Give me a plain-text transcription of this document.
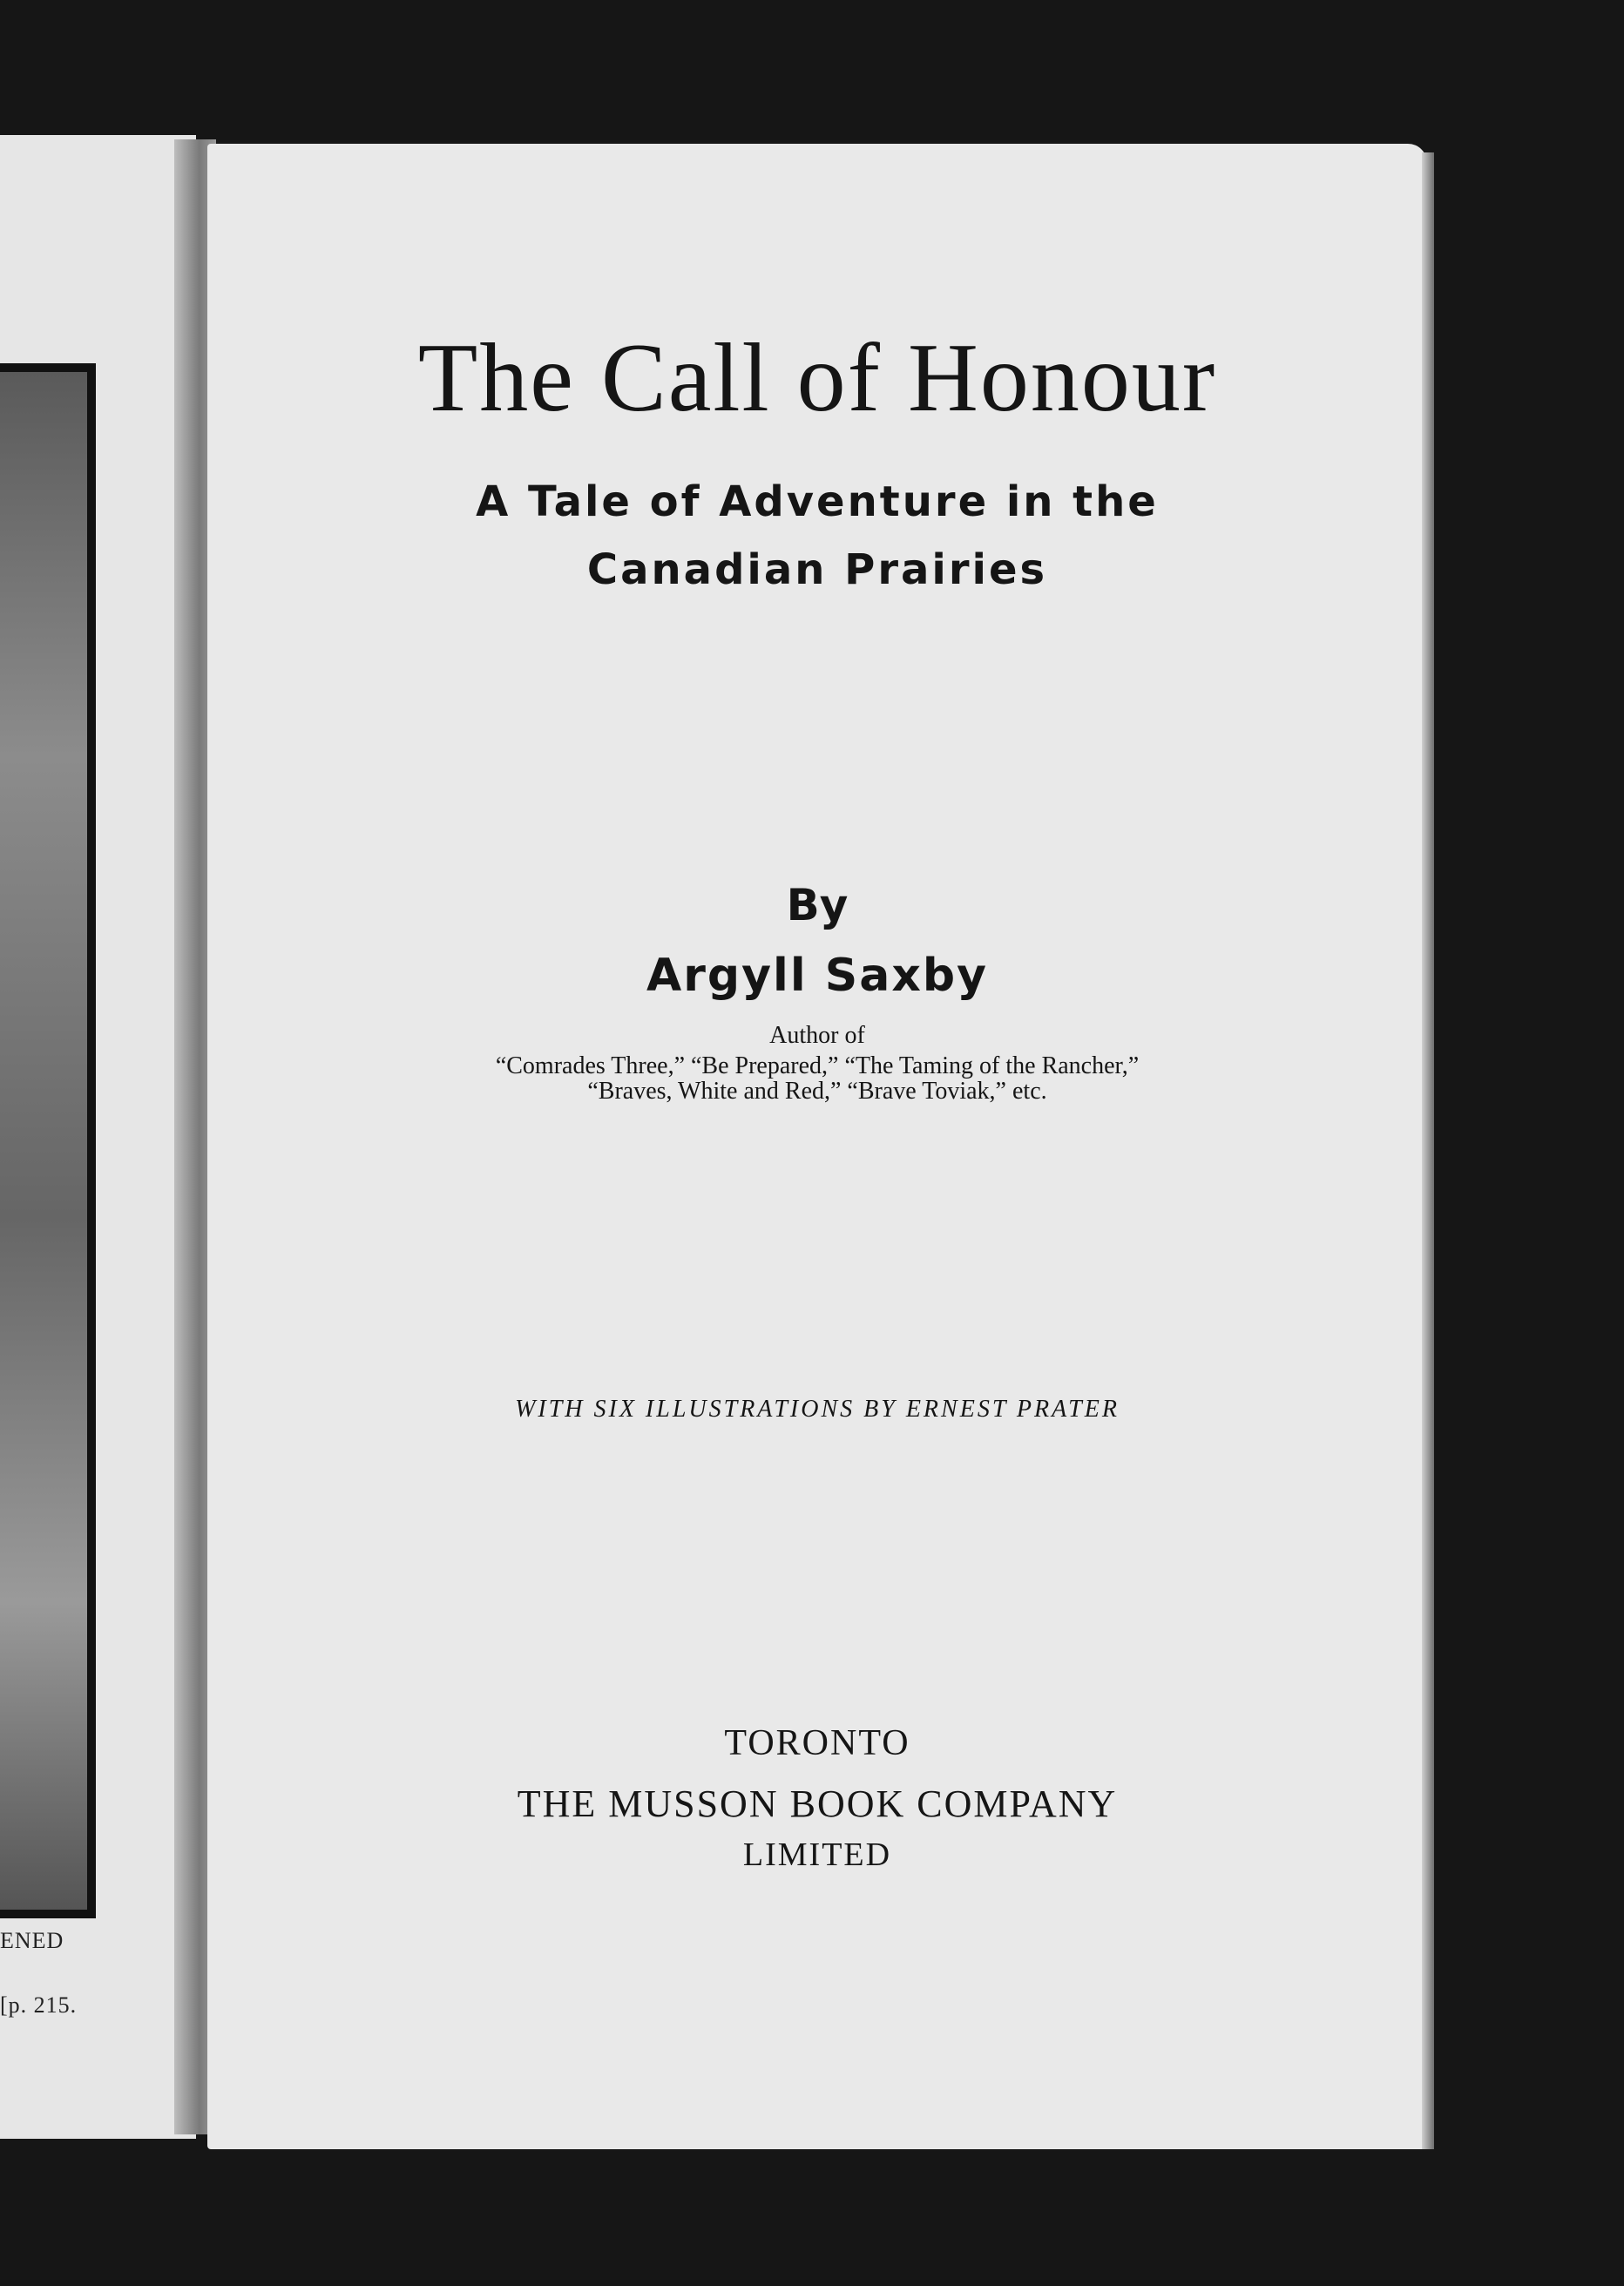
ENED
[p. 215.
The Call of Honour
A Tale of Adventure in the
Canadian Prairies
By
Argyll Saxby
Author of
“Comrades Three,” “Be Prepared,” “The Taming of the Rancher,”
“Braves, White and Red,” “Brave Toviak,” etc.
WITH SIX ILLUSTRATIONS BY ERNEST PRATER
TORONTO
THE MUSSON BOOK COMPANY
LIMITED
